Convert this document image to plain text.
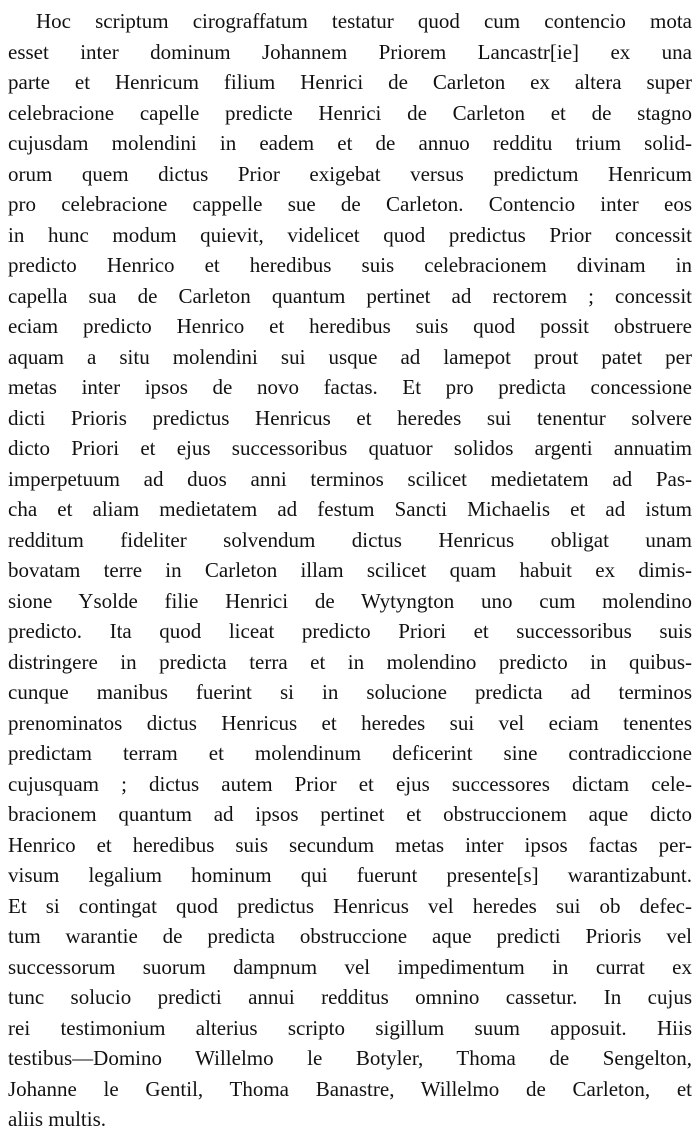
Hoc scriptum cirograffatum testatur quod cum contencio mota
esset inter dominum Johannem Priorem Lancastr[ie] ex una
parte et Henricum filium Henrici de Carleton ex altera super
celebracione capelle predicte Henrici de Carleton et de stagno
cujusdam molendini in eadem et de annuo redditu trium solid-
orum quem dictus Prior exigebat versus predictum Henricum
pro celebracione cappelle sue de Carleton. Contencio inter eos
in hunc modum quievit, videlicet quod predictus Prior concessit
predicto Henrico et heredibus suis celebracionem divinam in
capella sua de Carleton quantum pertinet ad rectorem ; concessit
eciam predicto Henrico et heredibus suis quod possit obstruere
aquam a situ molendini sui usque ad lamepot prout patet per
metas inter ipsos de novo factas. Et pro predicta concessione
dicti Prioris predictus Henricus et heredes sui tenentur solvere
dicto Priori et ejus successoribus quatuor solidos argenti annuatim
imperpetuum ad duos anni terminos scilicet medietatem ad Pas-
cha et aliam medietatem ad festum Sancti Michaelis et ad istum
redditum fideliter solvendum dictus Henricus obligat unam
bovatam terre in Carleton illam scilicet quam habuit ex dimis-
sione Ysolde filie Henrici de Wytyngton uno cum molendino
predicto. Ita quod liceat predicto Priori et successoribus suis
distringere in predicta terra et in molendino predicto in quibus-
cunque manibus fuerint si in solucione predicta ad terminos
prenominatos dictus Henricus et heredes sui vel eciam tenentes
predictam terram et molendinum deficerint sine contradiccione
cujusquam ; dictus autem Prior et ejus successores dictam cele-
bracionem quantum ad ipsos pertinet et obstruccionem aque dicto
Henrico et heredibus suis secundum metas inter ipsos factas per-
visum legalium hominum qui fuerunt presente[s] warantizabunt.
Et si contingat quod predictus Henricus vel heredes sui ob defec-
tum warantie de predicta obstruccione aque predicti Prioris vel
successorum suorum dampnum vel impedimentum in currat ex
tunc solucio predicti annui redditus omnino cassetur. In cujus
rei testimonium alterius scripto sigillum suum apposuit. Hiis
testibus—Domino Willelmo le Botyler, Thoma de Sengelton,
Johanne le Gentil, Thoma Banastre, Willelmo de Carleton, et
aliis multis.
